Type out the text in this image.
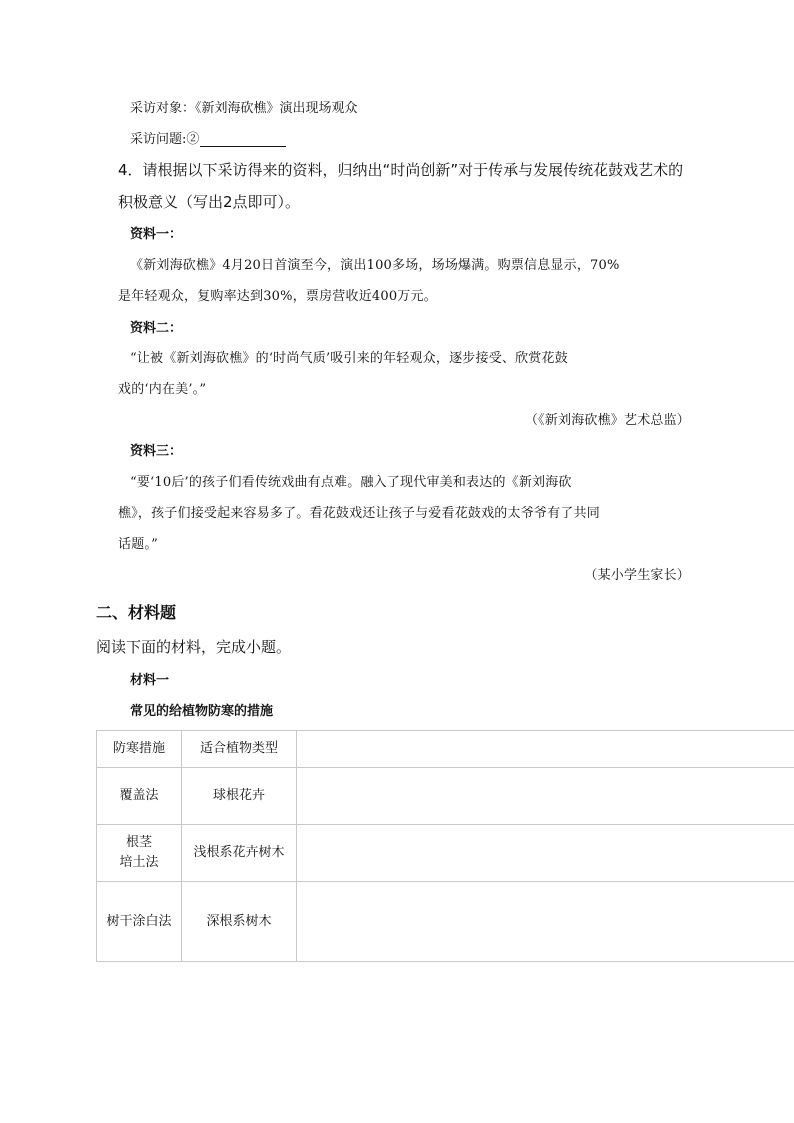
采访对象：《新刘海砍樵》演出现场观众
采访问题:②
4．请根据以下采访得来的资料，归纳出“时尚创新”对于传承与发展传统花鼓戏艺术的
积极意义（写出2点即可）。
资料一：
《新刘海砍樵》4月20日首演至今，演出100多场，场场爆满。购票信息显示，70%
是年轻观众，复购率达到30%，票房营收近400万元。
资料二：
“让被《新刘海砍樵》的‘时尚气质’吸引来的年轻观众，逐步接受、欣赏花鼓
戏的‘内在美’。”
（《新刘海砍樵》艺术总监）
资料三：
“要‘10后’的孩子们看传统戏曲有点难。融入了现代审美和表达的《新刘海砍
樵》，孩子们接受起来容易多了。看花鼓戏还让孩子与爱看花鼓戏的太爷爷有了共同
话题。”
（某小学生家长）
二、材料题
阅读下面的材料，完成小题。
材料一
常见的给植物防寒的措施
防寒措施	适合植物类型	
覆盖法	球根花卉	

根茎
培土法	浅根系花卉树木	
树干涂白法	深根系树木	
